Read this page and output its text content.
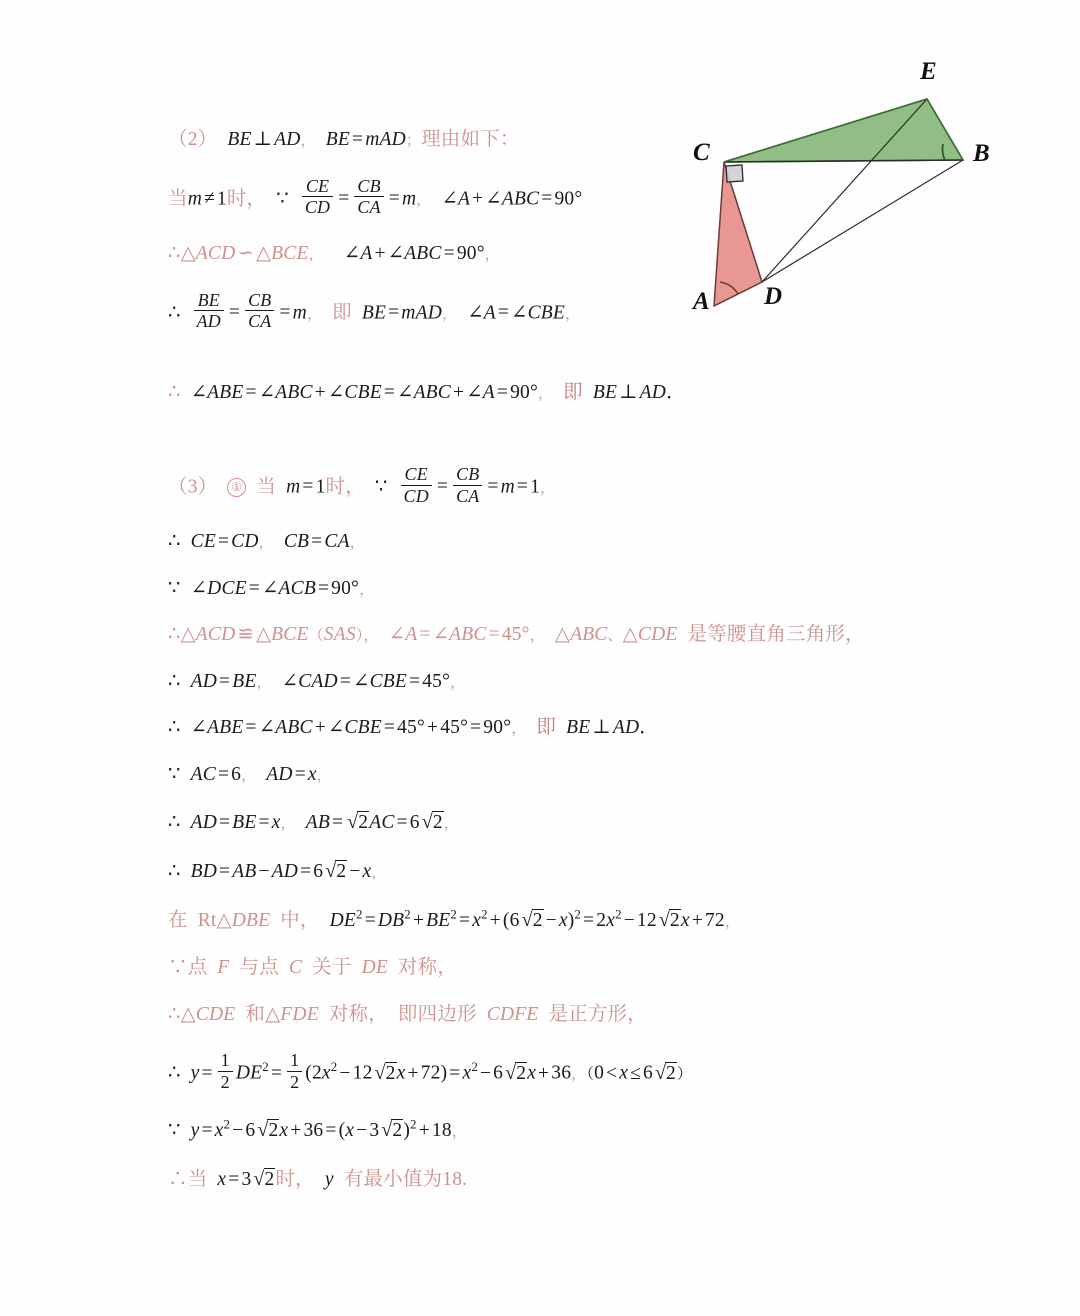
（2） BE ⊥ AD， BE = mAD；理由如下：
当m ≠ 1时， ∵ $\frac{CE}{CD} = \frac{CB}{CA} = m$， ∠A + ∠ABC = 90°
∴△ACD ∽ △BCE， ∠A + ∠ABC = 90°，
∴ $\frac{BE}{AD} = \frac{CB}{CA} = m$， 即 BE = mAD， ∠A = ∠CBE，
∴ ∠ABE = ∠ABC + ∠CBE = ∠ABC + ∠A = 90°， 即 BE ⊥ AD．
（3） ① 当 m = 1时， ∵ $\frac{CE}{CD} = \frac{CB}{CA} = m = 1$，
∴ CE = CD， CB = CA，
∵ ∠DCE = ∠ACB = 90°，
∴△ACD ≌ △BCE（SAS）， ∠A = ∠ABC = 45°， △ABC、△CDE 是等腰直角三角形，
∴ AD = BE， ∠CAD = ∠CBE = 45°，
∴ ∠ABE = ∠ABC + ∠CBE = 45° + 45° = 90°， 即 BE ⊥ AD．
∵ AC = 6， AD = x，
∴ AD = BE = x， AB = √2AC = 6 √2，
∴ BD = AB − AD = 6 √2 − x，
在 Rt△DBE 中， $DE^2 = DB^2 + BE^2 = x^2 + (6$ $√2 - x)^2 = 2x^2 - 12$ √2x + 72，
∵点 F 与点 C 关于 DE 对称，
∴△CDE 和△FDE 对称， 即四边形 CDFE 是正方形，
∴ $y = \frac{1}{2} DE^2 = \frac{1}{2} (2x^2 - 12$ $√2x + 72) = x^2 - 6$ √2x + 36，（0 < x ≤ 6 √2）
∵ $y = x^2 - 6$ √2x + 36 = (x − 3 √2)$^2$ + 18，
∴当 x = 3 √2时， y 有最小值为18.
A
B
C
D
E
